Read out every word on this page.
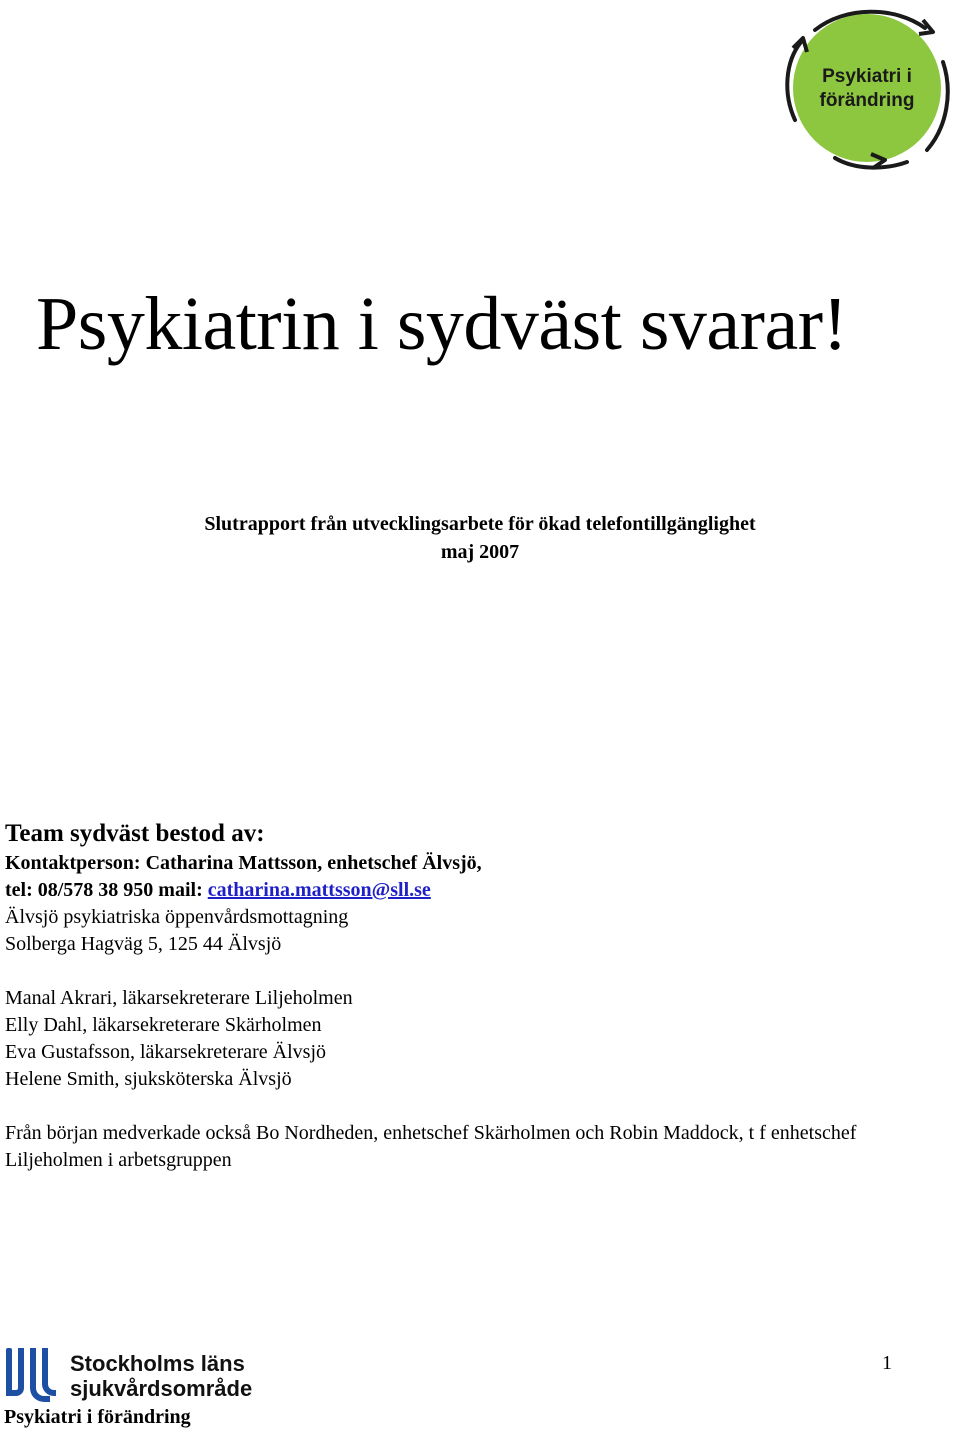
Psykiatri i
förändring
Psykiatrin i sydväst svarar!
Slutrapport från utvecklingsarbete för ökad telefontillgänglighet
maj 2007
Team sydväst bestod av:
Kontaktperson: Catharina Mattsson, enhetschef Älvsjö,
tel: 08/578 38 950 mail: catharina.mattsson@sll.se
Älvsjö psykiatriska öppenvårdsmottagning
Solberga Hagväg 5, 125 44 Älvsjö
Manal Akrari, läkarsekreterare Liljeholmen
Elly Dahl, läkarsekreterare Skärholmen
Eva Gustafsson, läkarsekreterare Älvsjö
Helene Smith, sjuksköterska Älvsjö
Från början medverkade också Bo Nordheden, enhetschef Skärholmen och Robin Maddock, t f enhetschef Liljeholmen i arbetsgruppen
Stockholms läns
sjukvårdsområde
Psykiatri i förändring
1
